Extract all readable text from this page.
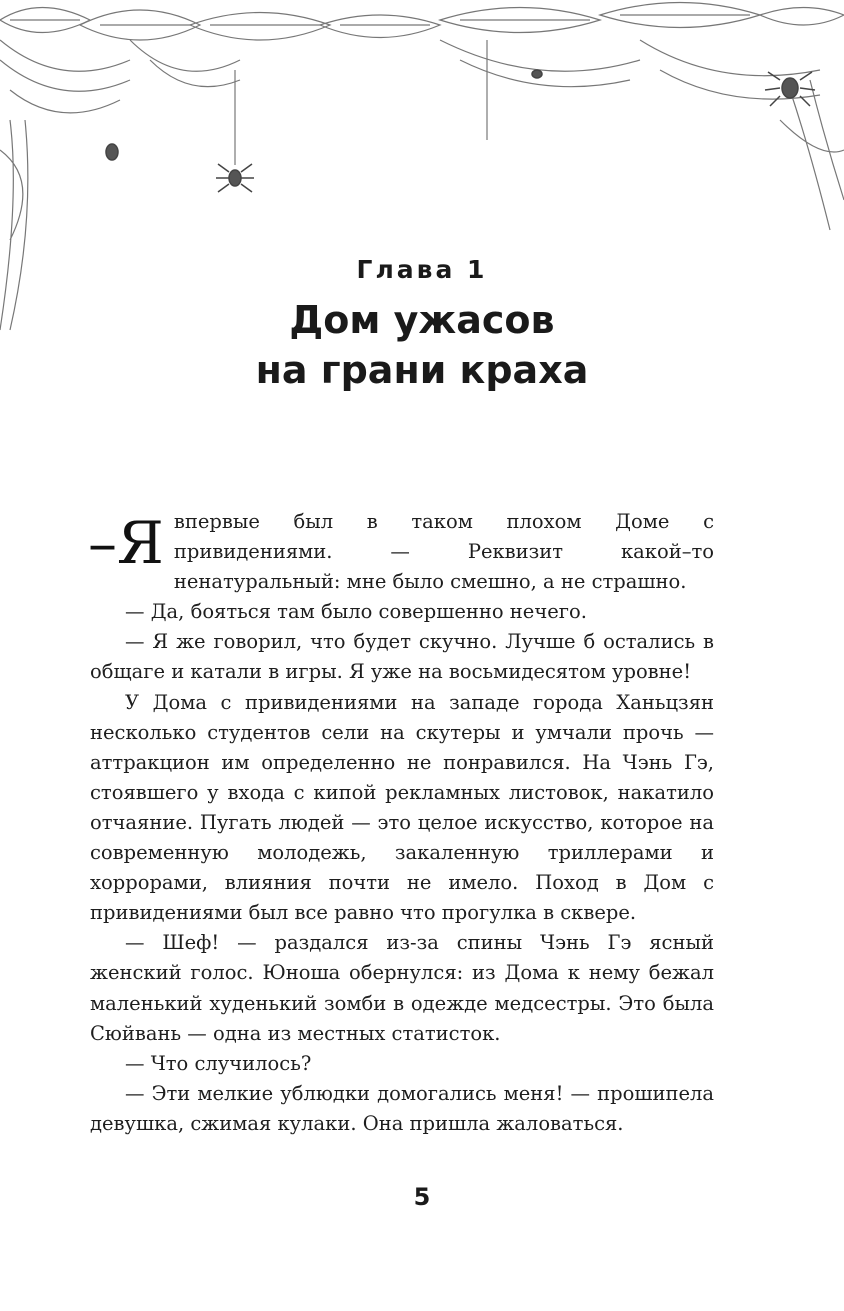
Глава 1
Дом ужасов
на грани краха

–Я впервые был в таком плохом Доме с привидениями. — Реквизит какой–то ненатуральный: мне было смешно, а не страшно.

— Да, бояться там было совершенно нечего.

— Я же говорил, что будет скучно. Лучше б остались в общаге и катали в игры. Я уже на восьмидесятом уровне!

У Дома с привидениями на западе города Ханьцзян несколько студентов сели на скутеры и умчали прочь — аттракцион им определенно не понравился. На Чэнь Гэ, стоявшего у входа с кипой рекламных листовок, накатило отчаяние. Пугать людей — это целое искусство, которое на современную молодежь, закаленную триллерами и хоррорами, влияния почти не имело. Поход в Дом с привидениями был все равно что прогулка в сквере.

— Шеф! — раздался из-за спины Чэнь Гэ ясный женский голос. Юноша обернулся: из Дома к нему бежал маленький худенький зомби в одежде медсестры. Это была Сюйвань — одна из местных статисток.

— Что случилось?

— Эти мелкие ублюдки домогались меня! — прошипела девушка, сжимая кулаки. Она пришла жаловаться.

5
